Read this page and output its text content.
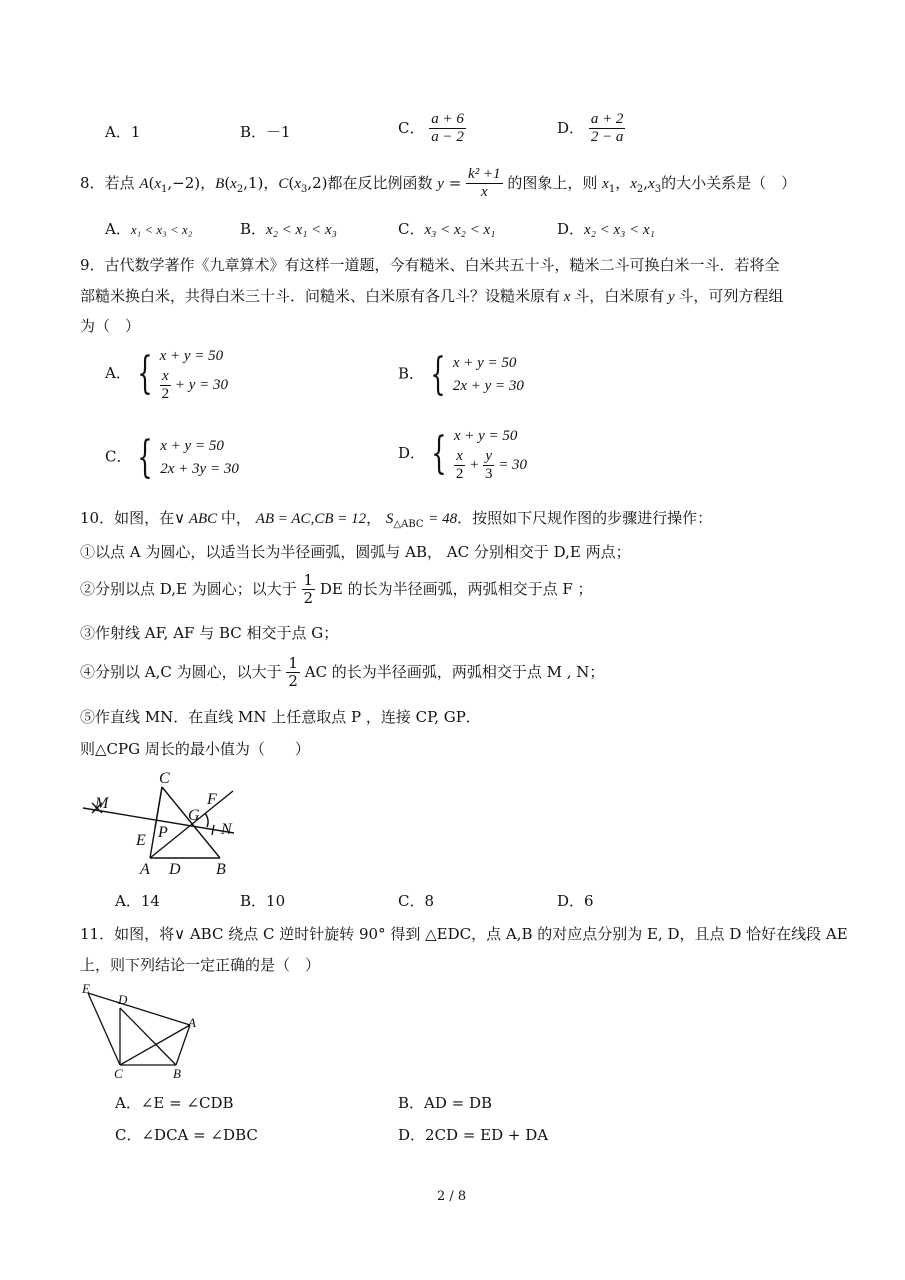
A．1	B．－1	C． $\frac{a + 6}{a - 2}$	D． $\frac{a + 2}{2 - a}$
8．若点 $A(x_1,-2)$，$B(x_2,1)$，$C(x_3,2)$都在反比例函数 $y = \frac{\text{k² +1}}{x}$ 的图象上，则 $x_1$，$x_2,x_3$的大小关系是（　）
A．x₁ < x₃ < x₂	B．x₂ < x₁ < x₃	C．x₃ < x₂ < x₁	D．x₂ < x₃ < x₁
9．古代数学著作《九章算术》有这样一道题，今有糙米、白米共五十斗，糙米二斗可换白米一斗．若将全
部糙米换白米，共得白米三十斗．问糙米、白米原有各几斗？设糙米原有 x 斗，白米原有 y 斗，可列方程组
为（　）
A． { x + y = 50
$\frac{x}{2} + y = 30$
B． { x + y = 50
2x + y = 30
C． { x + y = 50
2x + 3y = 30
D． { x + y = 50
$\frac{x}{2} + \frac{y}{3} = 30$
10．如图，在∨ ABC 中， AB = AC,CB = 12， $S_{\triangle ABC} = 48$．按照如下尺规作图的步骤进行操作：
①以点 A 为圆心，以适当长为半径画弧，圆弧与 AB， AC 分别相交于 D,E 两点；
②分别以点 D,E 为圆心；以大于 $\frac{1}{2}$ DE 的长为半径画弧，两弧相交于点 F ；
③作射线 AF, AF 与 BC 相交于点 G；
④分别以 A,C 为圆心，以大于 $\frac{1}{2}$ AC 的长为半径画弧，两弧相交于点 M , N；
⑤作直线 MN．在直线 MN 上任意取点 P ，连接 CP, GP．
则△CPG 周长的最小值为（　　）
M
C
F
G
N
E P
A D B
A．14	B．10	C．8	D．6
11．如图，将∨ ABC 绕点 C 逆时针旋转 90° 得到 △EDC，点 A,B 的对应点分别为 E, D，且点 D 恰好在线段 AE
上，则下列结论一定正确的是（　）
E
D
A
C	B
A．∠E = ∠CDB	B．AD = DB
C．∠DCA = ∠DBC	D．2CD = ED + DA
2 / 8
